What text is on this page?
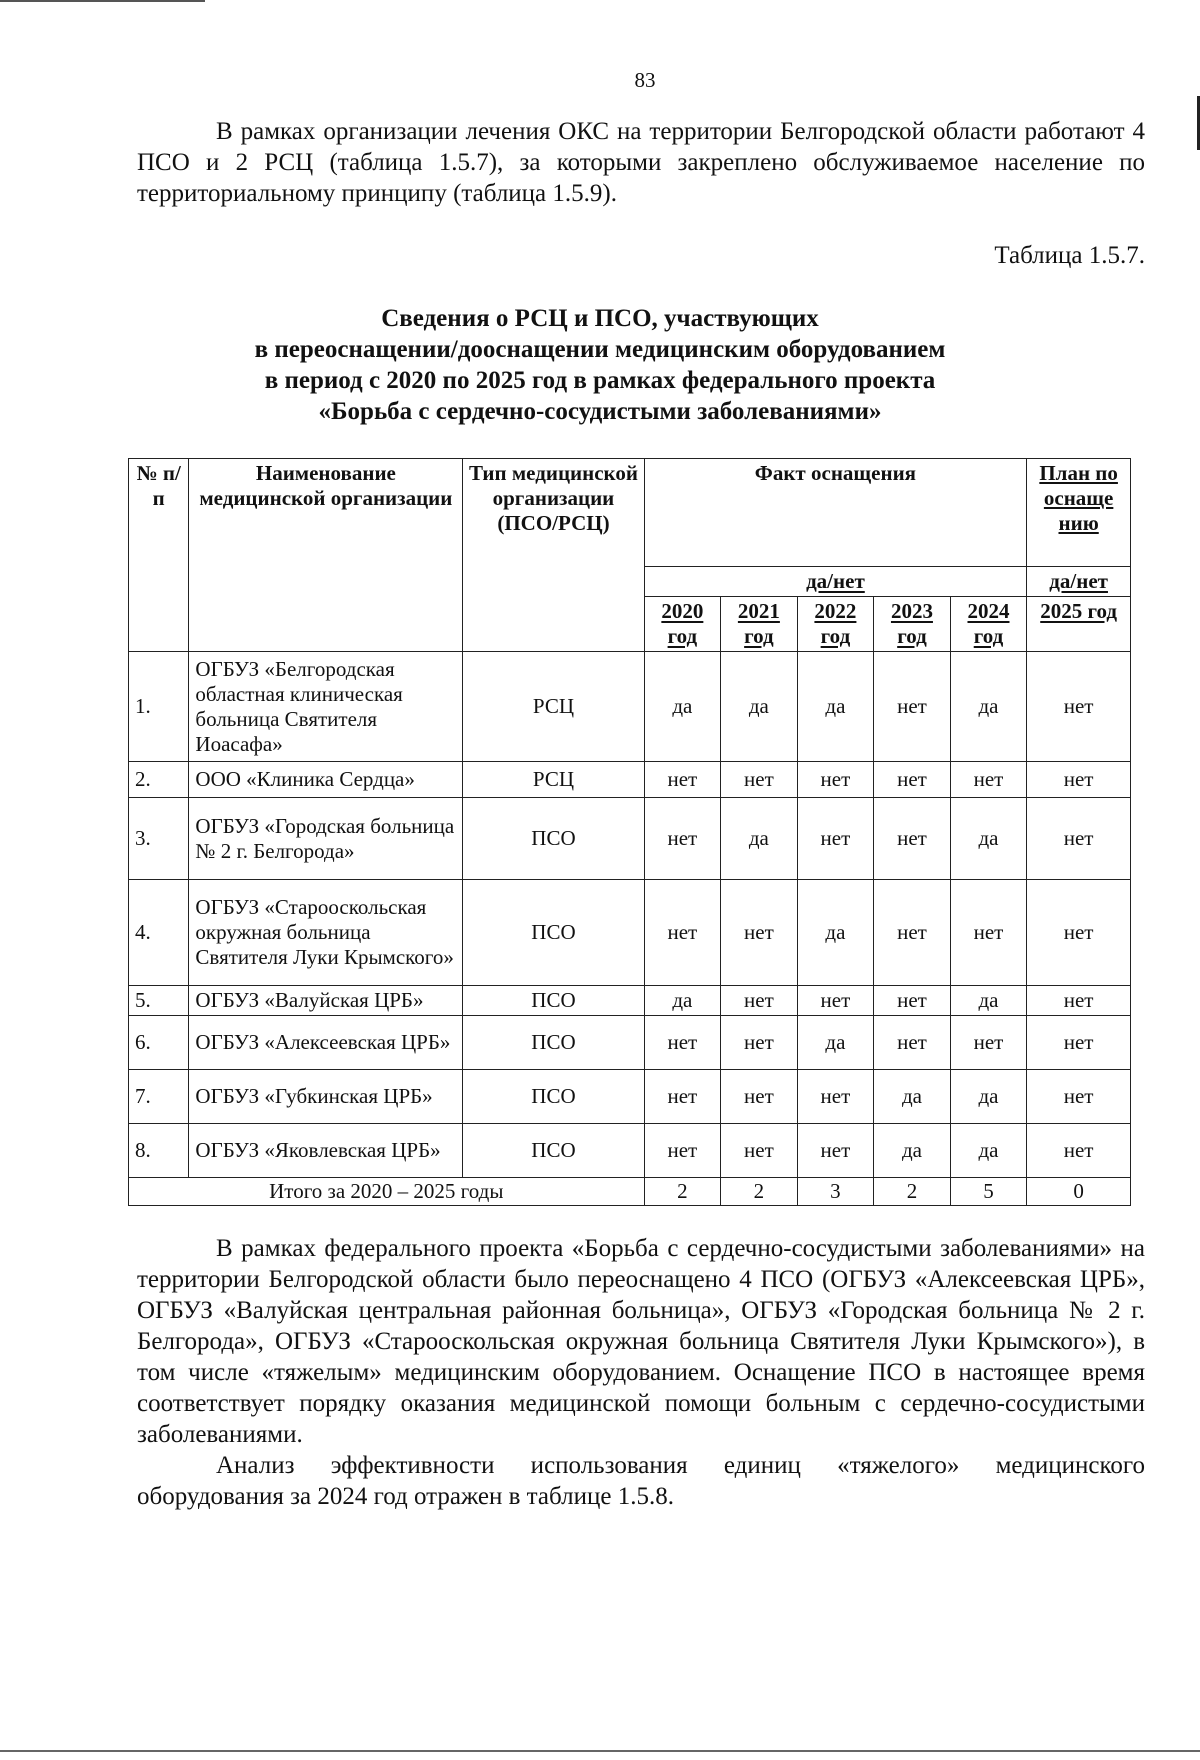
83

В рамках организации лечения ОКС на территории Белгородской области работают 4 ПСО и 2 РСЦ (таблица 1.5.7), за которыми закреплено обслуживаемое население по территориальному принципу (таблица 1.5.9).

Таблица 1.5.7.
Сведения о РСЦ и ПСО, участвующих
в переоснащении/дооснащении медицинским оборудованием
в период с 2020 по 2025 год в рамках федерального проекта
«Борьба с сердечно-сосудистыми заболеваниями»
№ п/п	Наименование медицинской организации	Тип медицинской организации (ПСО/РСЦ)	Факт оснащения					План по оснаще нию
			да/нет					да/нет
			2020 год	2021 год	2022 год	2023 год	2024 год	2025 год
1.	ОГБУЗ «Белгородская областная клиническая больница Святителя Иоасафа»	РСЦ	да	да	да	нет	да	нет
2.	ООО «Клиника Сердца»	РСЦ	нет	нет	нет	нет	нет	нет
3.	ОГБУЗ «Городская больница № 2 г. Белгорода»	ПСО	нет	да	нет	нет	да	нет
4.	ОГБУЗ «Старооскольская окружная больница Святителя Луки Крымского»	ПСО	нет	нет	да	нет	нет	нет
5.	ОГБУЗ «Валуйская ЦРБ»	ПСО	да	нет	нет	нет	да	нет
6.	ОГБУЗ «Алексеевская ЦРБ»	ПСО	нет	нет	да	нет	нет	нет
7.	ОГБУЗ «Губкинская ЦРБ»	ПСО	нет	нет	нет	да	да	нет
8.	ОГБУЗ «Яковлевская ЦРБ»	ПСО	нет	нет	нет	да	да	нет
Итого за 2020 – 2025 годы			2	2	3	2	5	0

В рамках федерального проекта «Борьба с сердечно-сосудистыми заболеваниями» на территории Белгородской области было переоснащено 4 ПСО (ОГБУЗ «Алексеевская ЦРБ», ОГБУЗ «Валуйская центральная районная больница», ОГБУЗ «Городская больница № 2 г. Белгорода», ОГБУЗ «Старооскольская окружная больница Святителя Луки Крымского»), в том числе «тяжелым» медицинским оборудованием. Оснащение ПСО в настоящее время соответствует порядку оказания медицинской помощи больным с сердечно-сосудистыми заболеваниями.

Анализ эффективности использования единиц «тяжелого» медицинского оборудования за 2024 год отражен в таблице 1.5.8.
